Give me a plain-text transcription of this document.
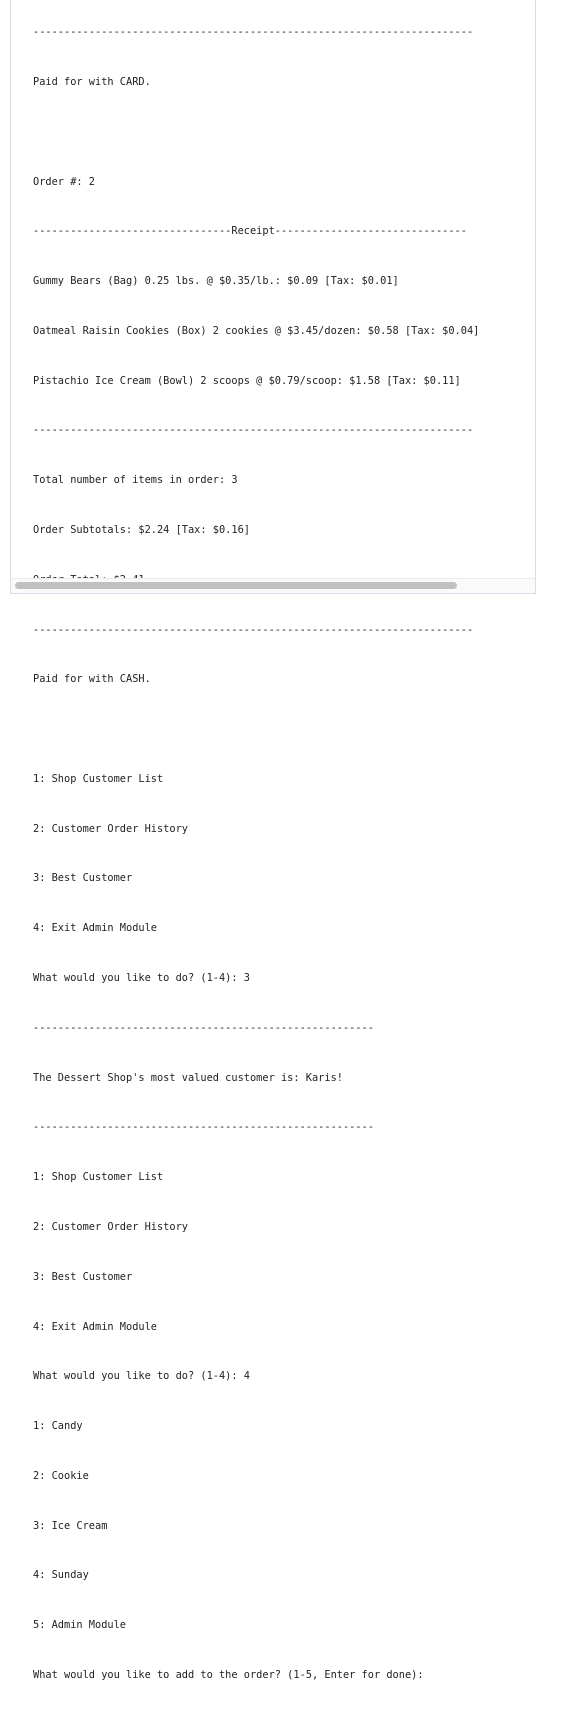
-----------------------------------------------------------------------

Paid for with CARD.

Order #: 2

--------------------------------Receipt-------------------------------

Gummy Bears (Bag) 0.25 lbs. @ $0.35/lb.: $0.09 [Tax: $0.01]

Oatmeal Raisin Cookies (Box) 2 cookies @ $3.45/dozen: $0.58 [Tax: $0.04]

Pistachio Ice Cream (Bowl) 2 scoops @ $0.79/scoop: $1.58 [Tax: $0.11]

-----------------------------------------------------------------------

Total number of items in order: 3

Order Subtotals: $2.24 [Tax: $0.16]

-----------------------------------------------------------------------

Paid for with CASH.

1: Shop Customer List

2: Customer Order History

3: Best Customer

4: Exit Admin Module

What would you like to do? (1-4): 3

-------------------------------------------------------

The Dessert Shop's most valued customer is: Karis!

-------------------------------------------------------

1: Shop Customer List

2: Customer Order History

3: Best Customer

4: Exit Admin Module

What would you like to do? (1-4): 4

1: Candy

2: Cookie

3: Ice Cream

4: Sunday

5: Admin Module

What would you like to add to the order? (1-5, Enter for done):
